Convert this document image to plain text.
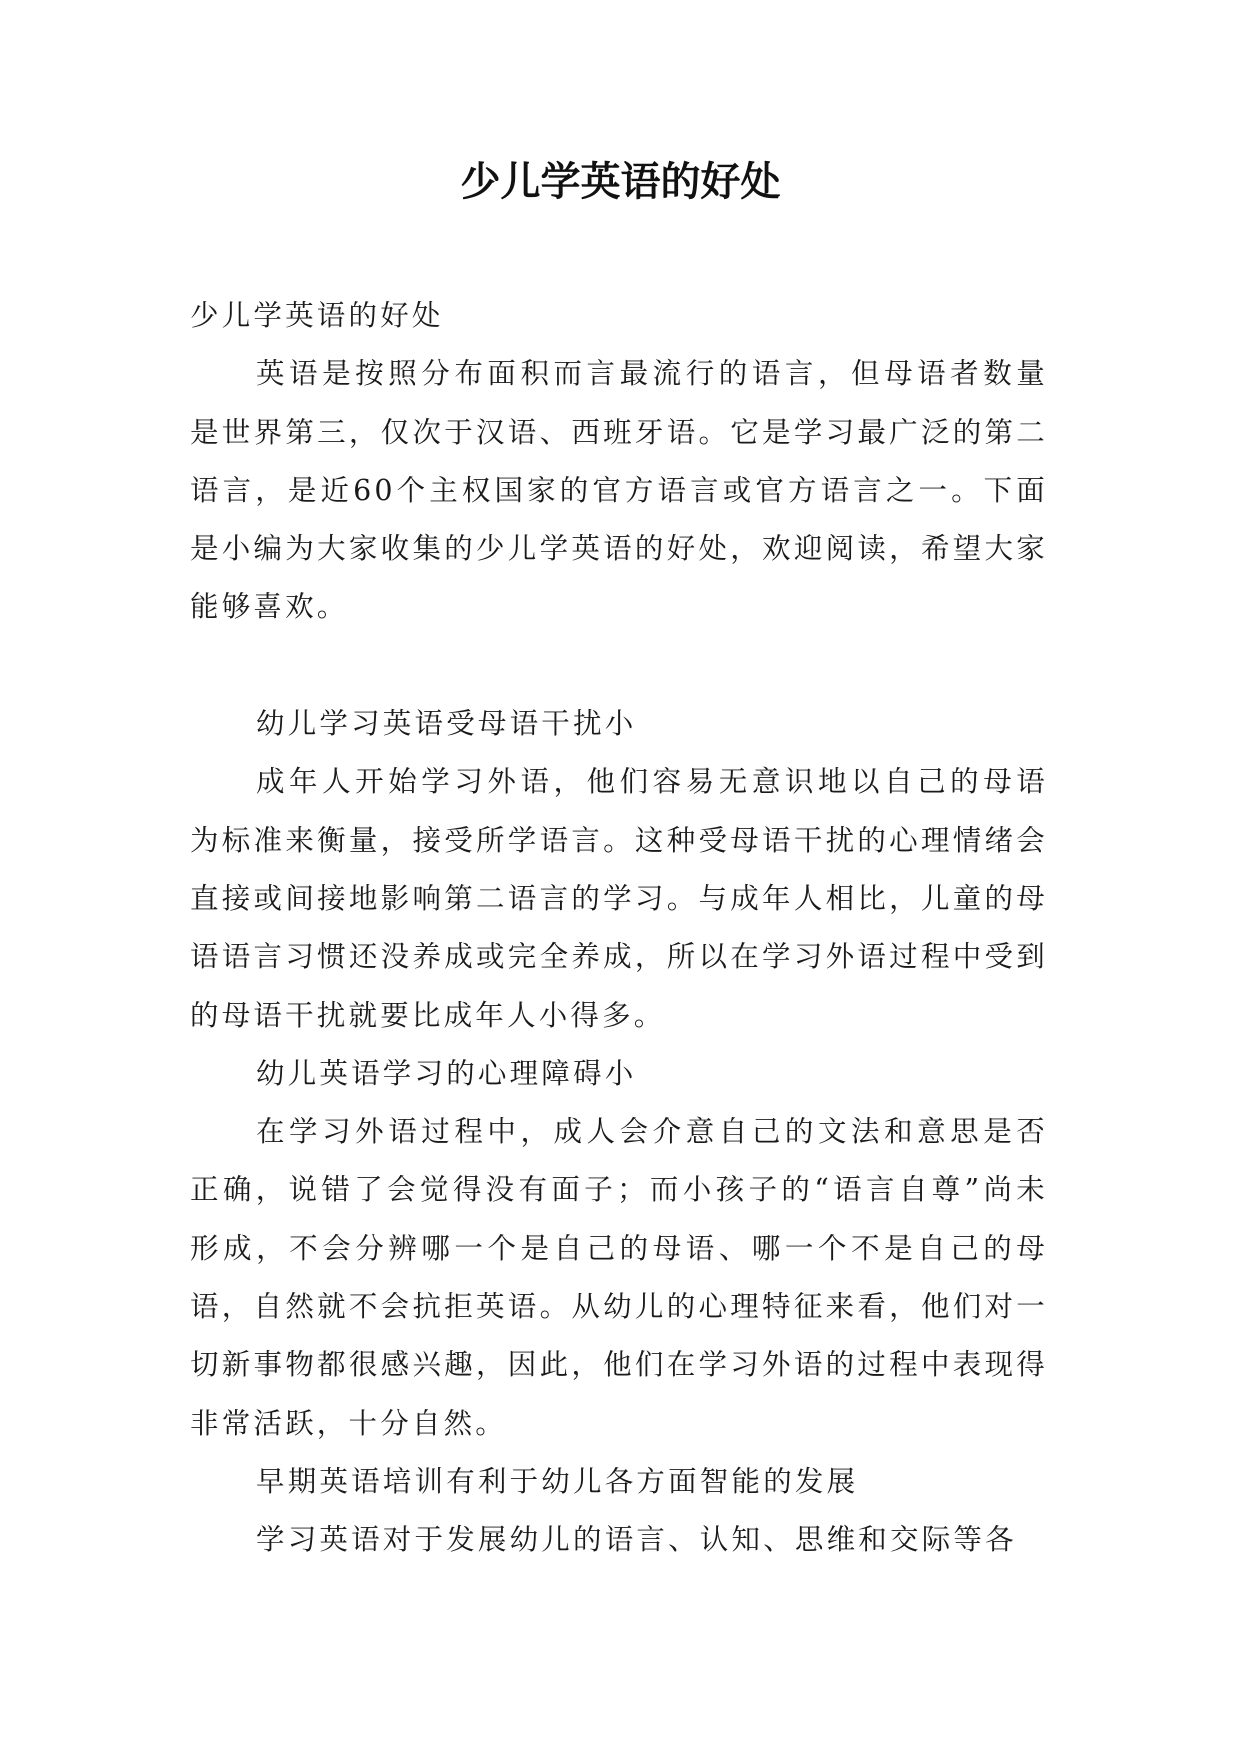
少儿学英语的好处

少儿学英语的好处

英语是按照分布面积而言最流行的语言，但母语者数量是世界第三，仅次于汉语、西班牙语。它是学习最广泛的第二语言，是近60个主权国家的官方语言或官方语言之一。下面是小编为大家收集的少儿学英语的好处，欢迎阅读，希望大家能够喜欢。

幼儿学习英语受母语干扰小

成年人开始学习外语，他们容易无意识地以自己的母语为标准来衡量，接受所学语言。这种受母语干扰的心理情绪会直接或间接地影响第二语言的学习。与成年人相比，儿童的母语语言习惯还没养成或完全养成，所以在学习外语过程中受到的母语干扰就要比成年人小得多。

幼儿英语学习的心理障碍小

在学习外语过程中，成人会介意自己的文法和意思是否正确，说错了会觉得没有面子；而小孩子的“语言自尊”尚未形成，不会分辨哪一个是自己的母语、哪一个不是自己的母语，自然就不会抗拒英语。从幼儿的心理特征来看，他们对一切新事物都很感兴趣，因此，他们在学习外语的过程中表现得非常活跃，十分自然。

早期英语培训有利于幼儿各方面智能的发展

学习英语对于发展幼儿的语言、认知、思维和交际等各
